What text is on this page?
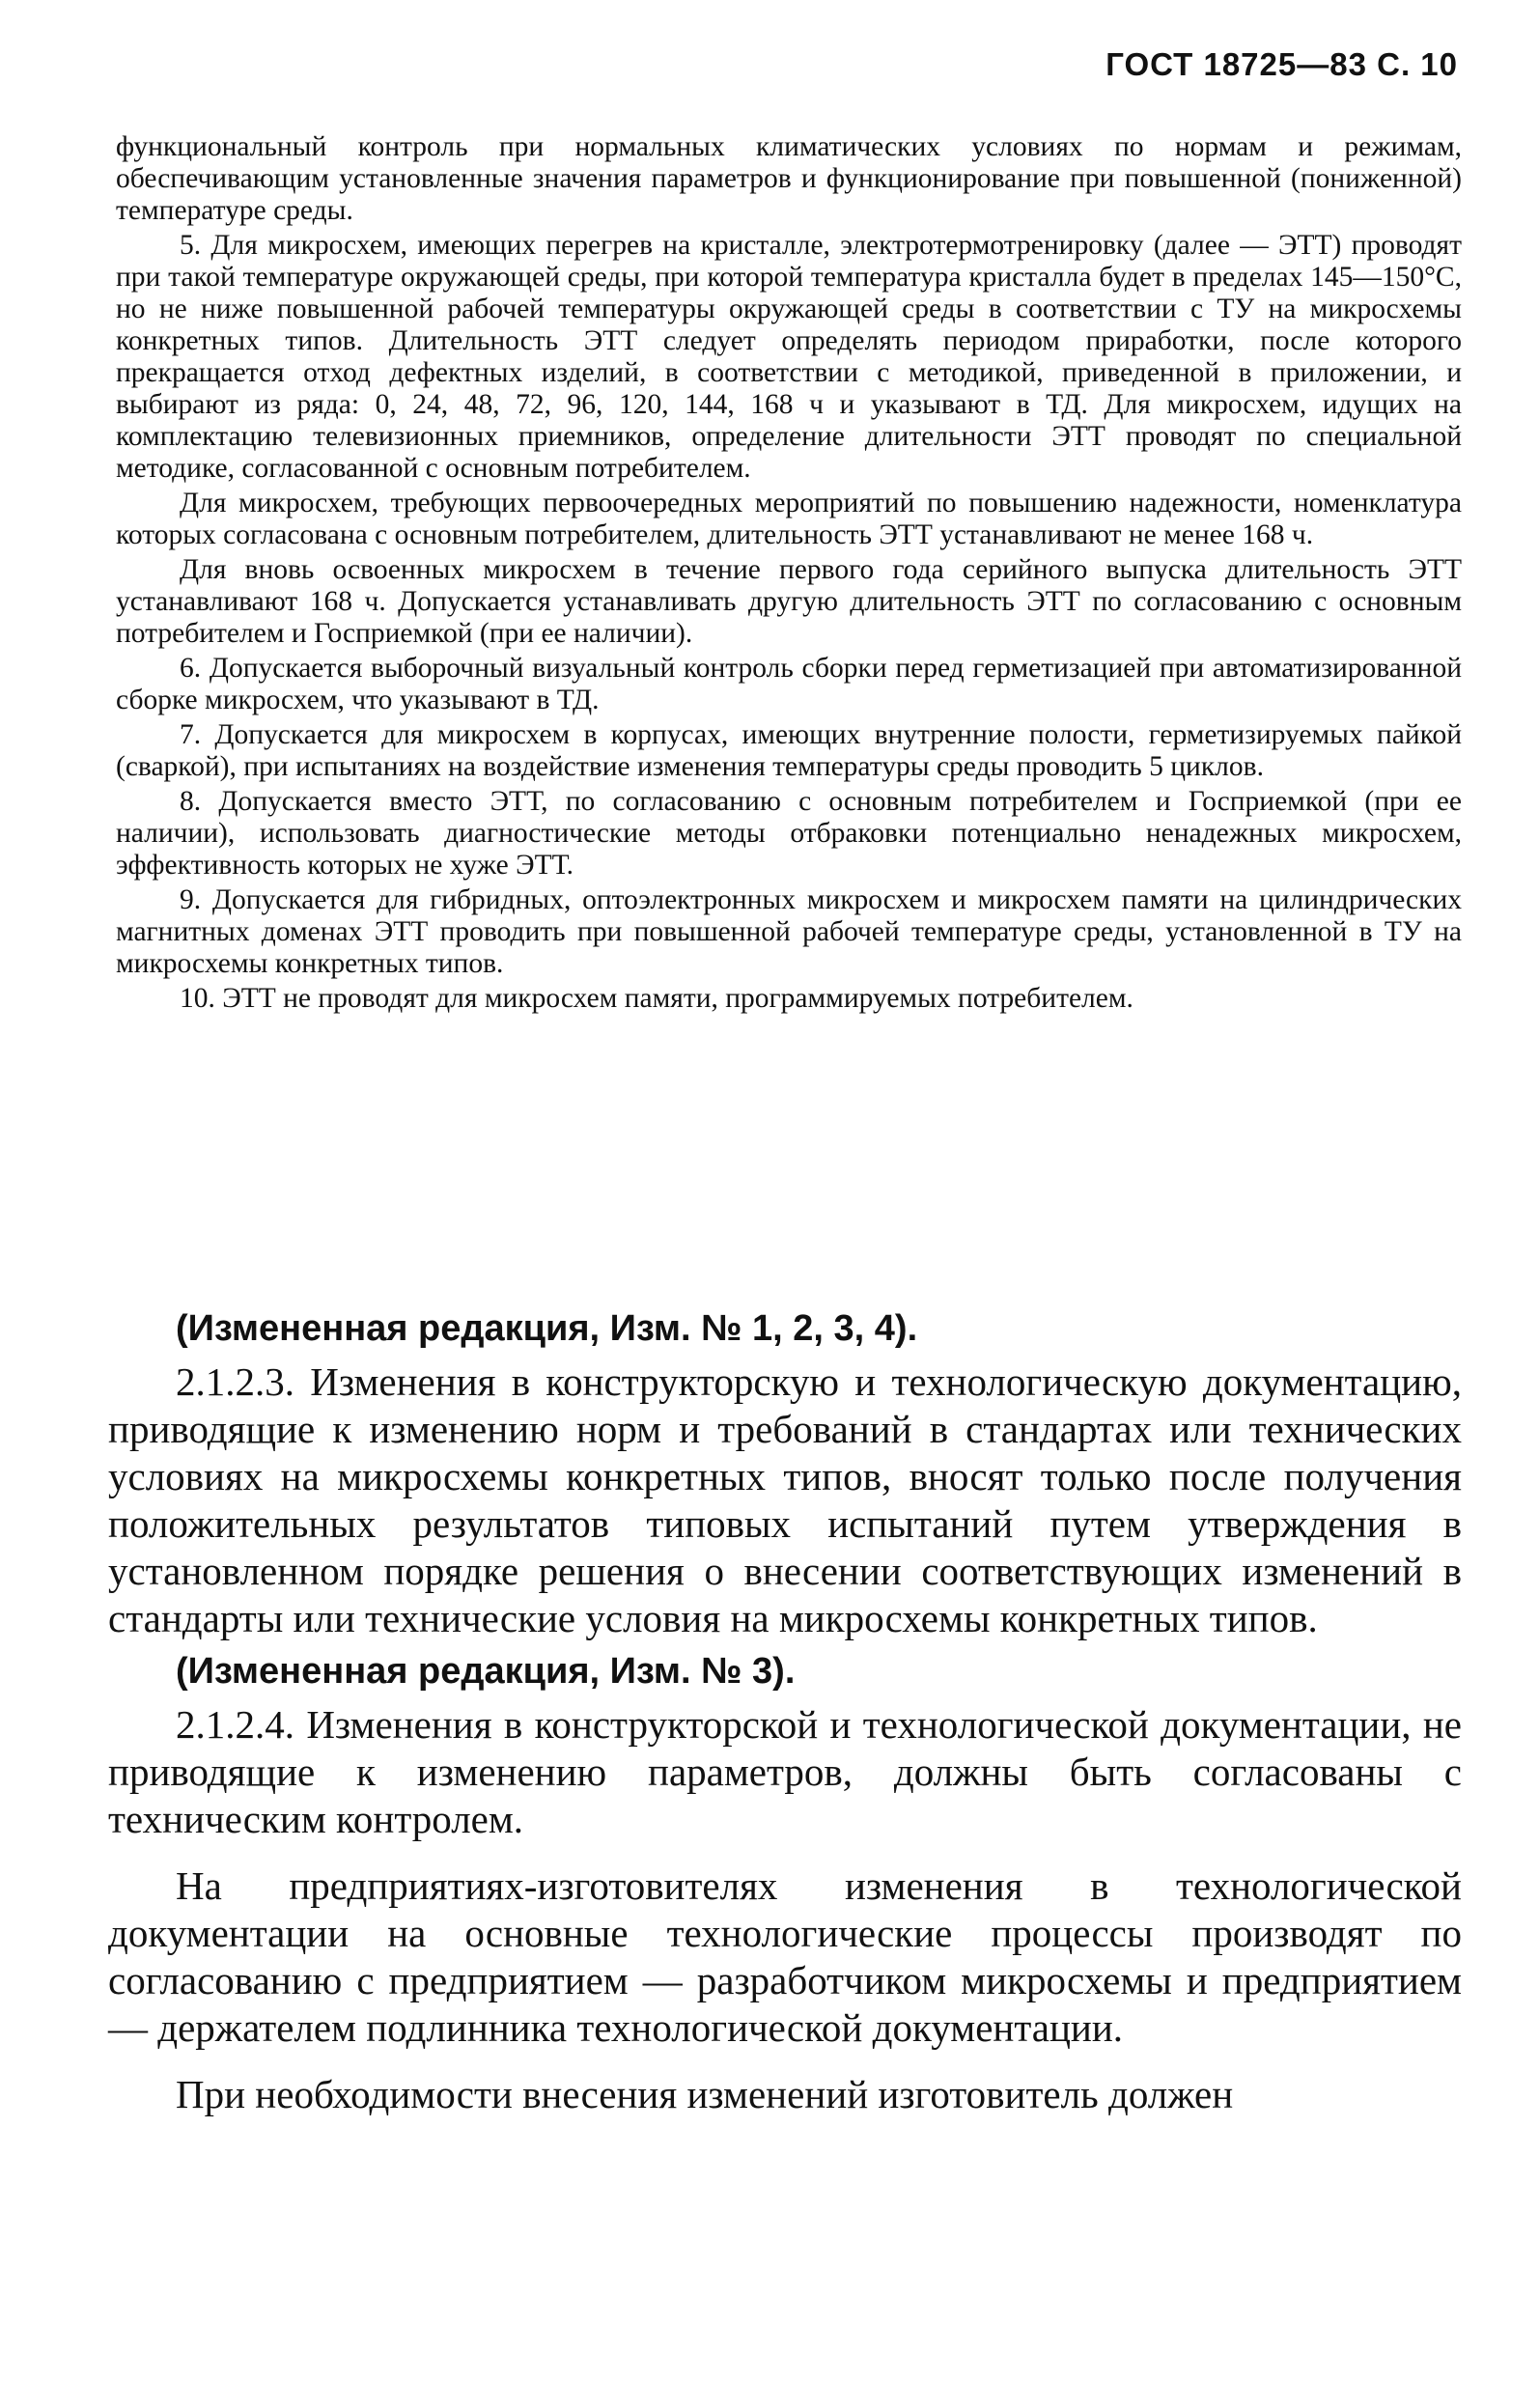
ГОСТ 18725—83 С. 10

функциональный контроль при нормальных климатических условиях по нормам и режимам, обеспечивающим установленные значения параметров и функционирование при повышенной (пониженной) температуре среды.

5. Для микросхем, имеющих перегрев на кристалле, электротермотренировку (далее — ЭТТ) проводят при такой температуре окружающей среды, при которой температура кристалла будет в пределах 145—150°С, но не ниже повышенной рабочей температуры окружающей среды в соответствии с ТУ на микросхемы конкретных типов. Длительность ЭТТ следует определять периодом приработки, после которого прекращается отход дефектных изделий, в соответствии с методикой, приведенной в приложении, и выбирают из ряда: 0, 24, 48, 72, 96, 120, 144, 168 ч и указывают в ТД. Для микросхем, идущих на комплектацию телевизионных приемников, определение длительности ЭТТ проводят по специальной методике, согласованной с основным потребителем.

Для микросхем, требующих первоочередных мероприятий по повышению надежности, номенклатура которых согласована с основным потребителем, длительность ЭТТ устанавливают не менее 168 ч.

Для вновь освоенных микросхем в течение первого года серийного выпуска длительность ЭТТ устанавливают 168 ч. Допускается устанавливать другую длительность ЭТТ по согласованию с основным потребителем и Госприемкой (при ее наличии).

6. Допускается выборочный визуальный контроль сборки перед герметизацией при автоматизированной сборке микросхем, что указывают в ТД.

7. Допускается для микросхем в корпусах, имеющих внутренние полости, герметизируемых пайкой (сваркой), при испытаниях на воздействие изменения температуры среды проводить 5 циклов.

8. Допускается вместо ЭТТ, по согласованию с основным потребителем и Госприемкой (при ее наличии), использовать диагностические методы отбраковки потенциально ненадежных микросхем, эффективность которых не хуже ЭТТ.

9. Допускается для гибридных, оптоэлектронных микросхем и микросхем памяти на цилиндрических магнитных доменах ЭТТ проводить при повышенной рабочей температуре среды, установленной в ТУ на микросхемы конкретных типов.

10. ЭТТ не проводят для микросхем памяти, программируемых потребителем.

(Измененная редакция, Изм. № 1, 2, 3, 4).

2.1.2.3. Изменения в конструкторскую и технологическую документацию, приводящие к изменению норм и требований в стандартах или технических условиях на микросхемы конкретных типов, вносят только после получения положительных результатов типовых испытаний путем утверждения в установленном порядке решения о внесении соответствующих изменений в стандарты или технические условия на микросхемы конкретных типов.

(Измененная редакция, Изм. № 3).

2.1.2.4. Изменения в конструкторской и технологической документации, не приводящие к изменению параметров, должны быть согласованы с техническим контролем.

На предприятиях-изготовителях изменения в технологической документации на основные технологические процессы производят по согласованию с предприятием — разработчиком микросхемы и предприятием — держателем подлинника технологической документации.

При необходимости внесения изменений изготовитель должен
